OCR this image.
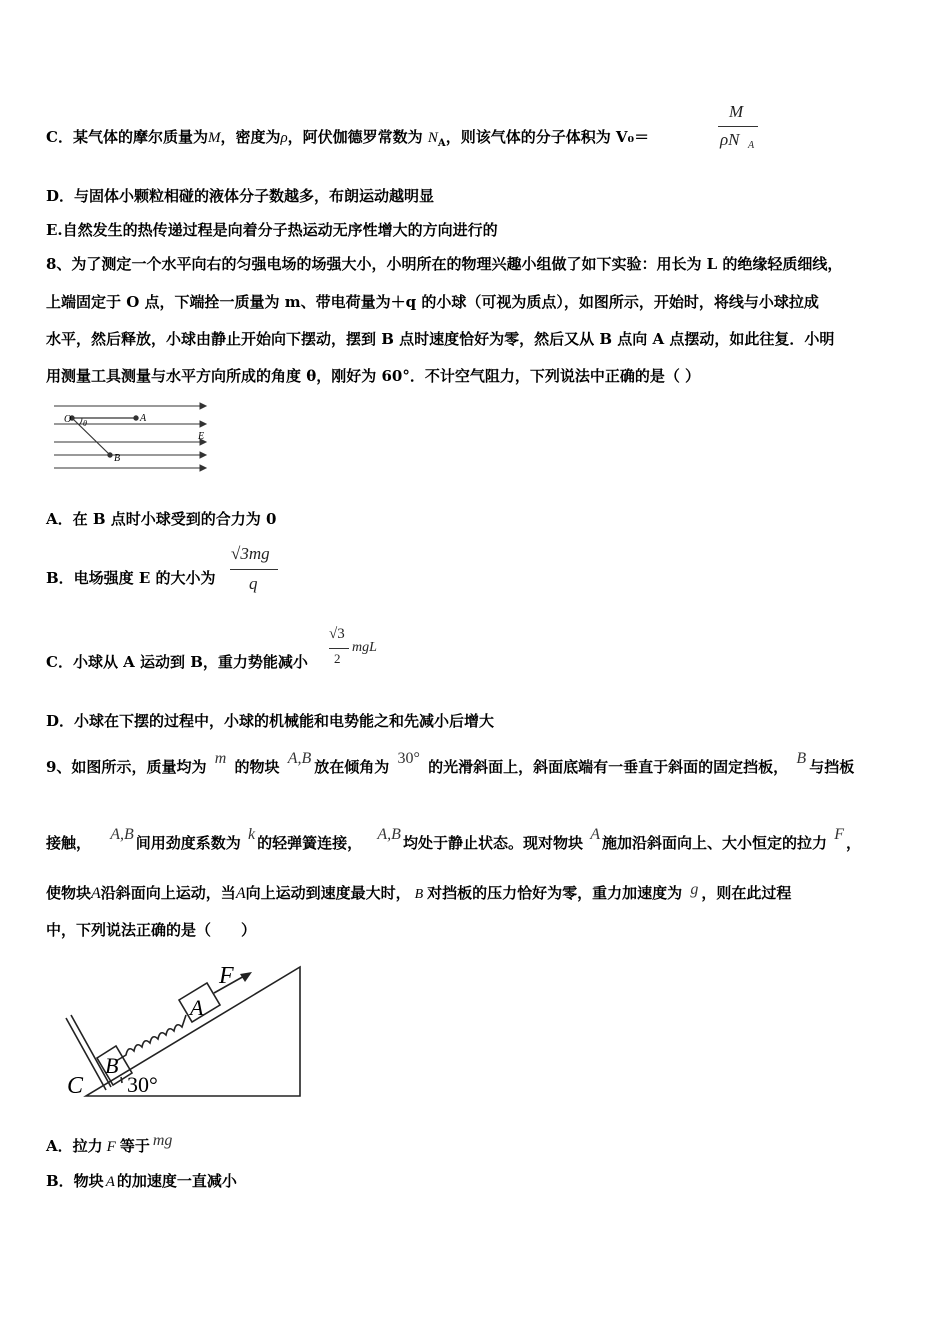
C．某气体的摩尔质量为M，密度为ρ，阿伏伽德罗常数为 $N_A$，则该气体的分子体积为 V₀＝
M
ρN A
D．与固体小颗粒相碰的液体分子数越多，布朗运动越明显
E.自然发生的热传递过程是向着分子热运动无序性增大的方向进行的
8、为了测定一个水平向右的匀强电场的场强大小，小明所在的物理兴趣小组做了如下实验：用长为 L 的绝缘轻质细线，
上端固定于 O 点，下端拴一质量为 m、带电荷量为＋q 的小球（可视为质点），如图所示，开始时，将线与小球拉成
水平，然后释放，小球由静止开始向下摆动，摆到 B 点时速度恰好为零，然后又从 B 点向 A 点摆动，如此往复．小明
用测量工具测量与水平方向所成的角度 θ，刚好为 60°．不计空气阻力，下列说法中正确的是（ ）
O θ	A
E
B
A．在 B 点时小球受到的合力为 0
B．电场强度 E 的大小为
√3mg
q
C．小球从 A 运动到 B，重力势能减小
√3
2
mgL
D．小球在下摆的过程中，小球的机械能和电势能之和先减小后增大
9、如图所示，质量均为 m 的物块 A,B 放在倾角为 30° 的光滑斜面上，斜面底端有一垂直于斜面的固定挡板， B 与挡板
接触， A,B 间用劲度系数为 k 的轻弹簧连接， A,B 均处于静止状态。现对物块 A 施加沿斜面向上、大小恒定的拉力 F ，
使物块A沿斜面向上运动，当A向上运动到速度最大时， B 对挡板的压力恰好为零，重力加速度为 g ，则在此过程
中，下列说法正确的是（　　）
F
A
B
C 30°
A．拉力 F 等于 mg
B．物块 A 的加速度一直减小
